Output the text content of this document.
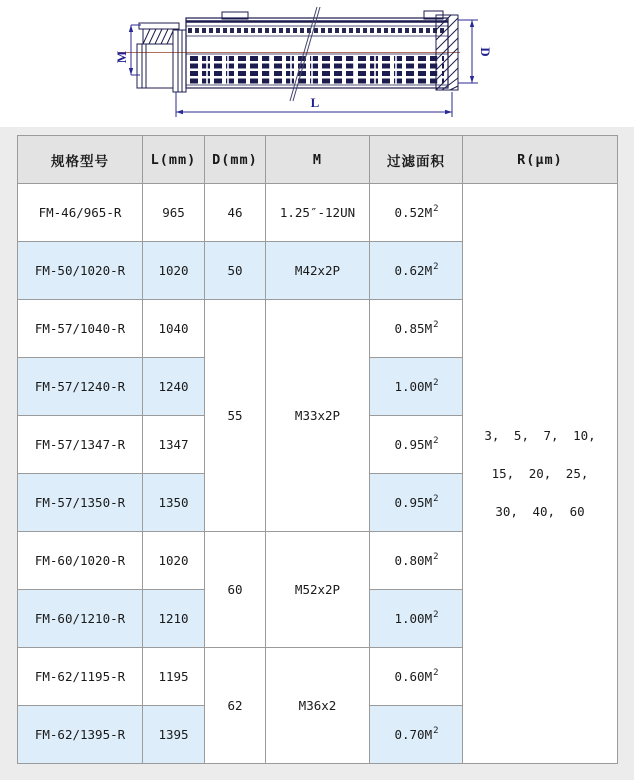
M	D
L
规格型号	L(mm)	D(mm)	M	过滤面积	R(μm)
FM-46/965-R	965	46	1.25″-12UN	$0.52M^2$	3, 5, 7, 10,
15, 20, 25,
30, 40, 60

FM-50/1020-R	1020	50	M42x2P	$0.62M^2$
FM-57/1040-R	1040	55	M33x2P	$0.85M^2$
FM-57/1240-R	1240			$1.00M^2$
FM-57/1347-R	1347			$0.95M^2$
FM-57/1350-R	1350			$0.95M^2$
FM-60/1020-R	1020	60	M52x2P	$0.80M^2$
FM-60/1210-R	1210			$1.00M^2$
FM-62/1195-R	1195	62	M36x2	$0.60M^2$
FM-62/1395-R	1395			$0.70M^2$
